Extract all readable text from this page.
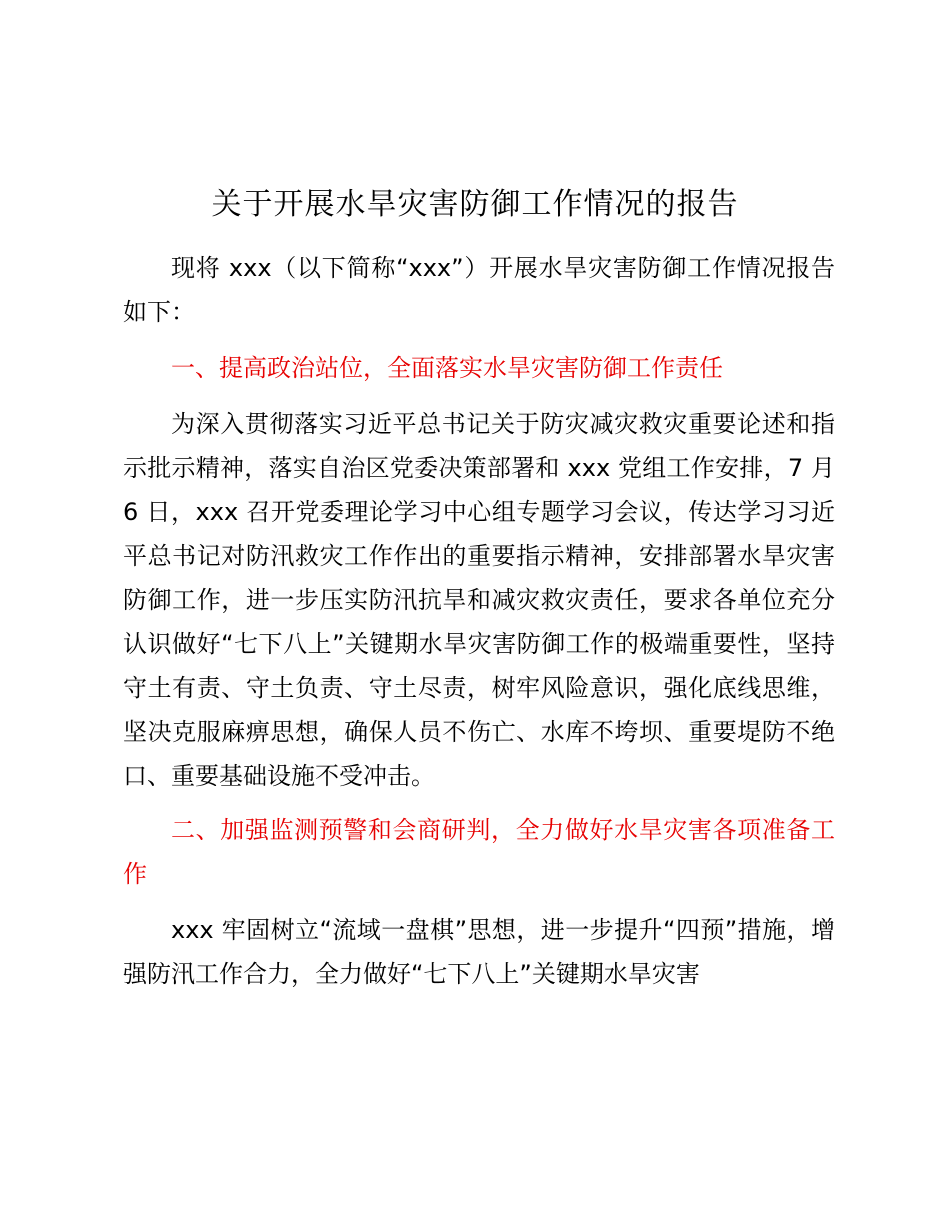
关于开展水旱灾害防御工作情况的报告

现将 xxx（以下简称“xxx”）开展水旱灾害防御工作情况报告如下：

一、提高政治站位，全面落实水旱灾害防御工作责任

为深入贯彻落实习近平总书记关于防灾减灾救灾重要论述和指示批示精神，落实自治区党委决策部署和 xxx 党组工作安排，7 月 6 日，xxx 召开党委理论学习中心组专题学习会议，传达学习习近平总书记对防汛救灾工作作出的重要指示精神，安排部署水旱灾害防御工作，进一步压实防汛抗旱和减灾救灾责任，要求各单位充分认识做好“七下八上”关键期水旱灾害防御工作的极端重要性，坚持守土有责、守土负责、守土尽责，树牢风险意识，强化底线思维，坚决克服麻痹思想，确保人员不伤亡、水库不垮坝、重要堤防不绝口、重要基础设施不受冲击。

二、加强监测预警和会商研判，全力做好水旱灾害各项准备工作

xxx 牢固树立“流域一盘棋”思想，进一步提升“四预”措施，增强防汛工作合力，全力做好“七下八上”关键期水旱灾害
